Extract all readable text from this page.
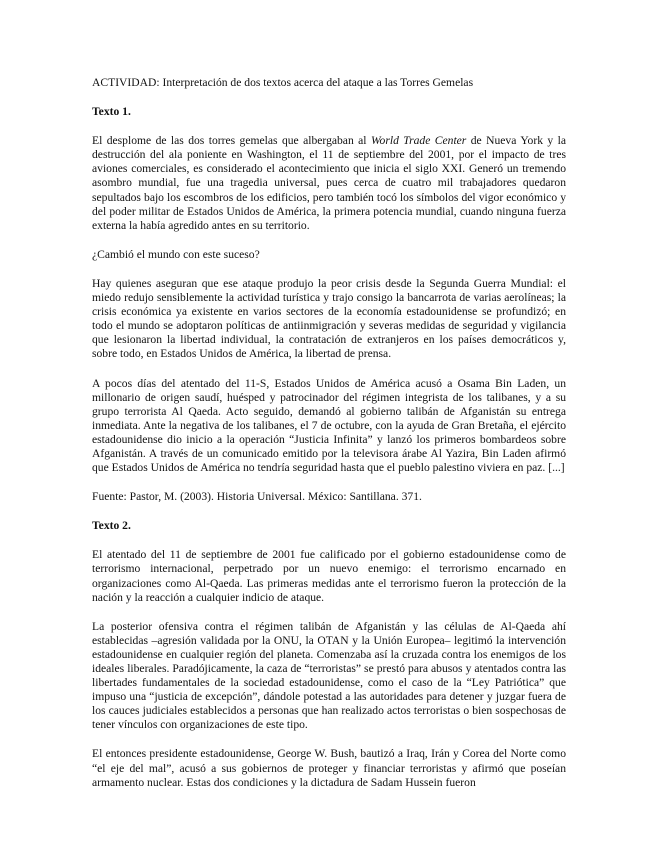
ACTIVIDAD: Interpretación de dos textos acerca del ataque a las Torres Gemelas

Texto 1.

El desplome de las dos torres gemelas que albergaban al World Trade Center de Nueva York y la destrucción del ala poniente en Washington, el 11 de septiembre del 2001, por el impacto de tres aviones comerciales, es considerado el acontecimiento que inicia el siglo XXI. Generó un tremendo asombro mundial, fue una tragedia universal, pues cerca de cuatro mil trabajadores quedaron sepultados bajo los escombros de los edificios, pero también tocó los símbolos del vigor económico y del poder militar de Estados Unidos de América, la primera potencia mundial, cuando ninguna fuerza externa la había agredido antes en su territorio.

¿Cambió el mundo con este suceso?

Hay quienes aseguran que ese ataque produjo la peor crisis desde la Segunda Guerra Mundial: el miedo redujo sensiblemente la actividad turística y trajo consigo la bancarrota de varias aerolíneas; la crisis económica ya existente en varios sectores de la economía estadounidense se profundizó; en todo el mundo se adoptaron políticas de antiinmigración y severas medidas de seguridad y vigilancia que lesionaron la libertad individual, la contratación de extranjeros en los países democráticos y, sobre todo, en Estados Unidos de América, la libertad de prensa.

A pocos días del atentado del 11-S, Estados Unidos de América acusó a Osama Bin Laden, un millonario de origen saudí, huésped y patrocinador del régimen integrista de los talibanes, y a su grupo terrorista Al Qaeda. Acto seguido, demandó al gobierno talibán de Afganistán su entrega inmediata. Ante la negativa de los talibanes, el 7 de octubre, con la ayuda de Gran Bretaña, el ejército estadounidense dio inicio a la operación “Justicia Infinita” y lanzó los primeros bombardeos sobre Afganistán. A través de un comunicado emitido por la televisora árabe Al Yazira, Bin Laden afirmó que Estados Unidos de América no tendría seguridad hasta que el pueblo palestino viviera en paz. [...]

Fuente: Pastor, M. (2003). Historia Universal. México: Santillana. 371.

Texto 2.

El atentado del 11 de septiembre de 2001 fue calificado por el gobierno estadounidense como de terrorismo internacional, perpetrado por un nuevo enemigo: el terrorismo encarnado en organizaciones como Al-Qaeda. Las primeras medidas ante el terrorismo fueron la protección de la nación y la reacción a cualquier indicio de ataque.

La posterior ofensiva contra el régimen talibán de Afganistán y las células de Al-Qaeda ahí establecidas –agresión validada por la ONU, la OTAN y la Unión Europea– legitimó la intervención estadounidense en cualquier región del planeta. Comenzaba así la cruzada contra los enemigos de los ideales liberales. Paradójicamente, la caza de “terroristas” se prestó para abusos y atentados contra las libertades fundamentales de la sociedad estadounidense, como el caso de la “Ley Patriótica” que impuso una “justicia de excepción”, dándole potestad a las autoridades para detener y juzgar fuera de los cauces judiciales establecidos a personas que han realizado actos terroristas o bien sospechosas de tener vínculos con organizaciones de este tipo.

El entonces presidente estadounidense, George W. Bush, bautizó a Iraq, Irán y Corea del Norte como “el eje del mal”, acusó a sus gobiernos de proteger y financiar terroristas y afirmó que poseían armamento nuclear. Estas dos condiciones y la dictadura de Sadam Hussein fueron
